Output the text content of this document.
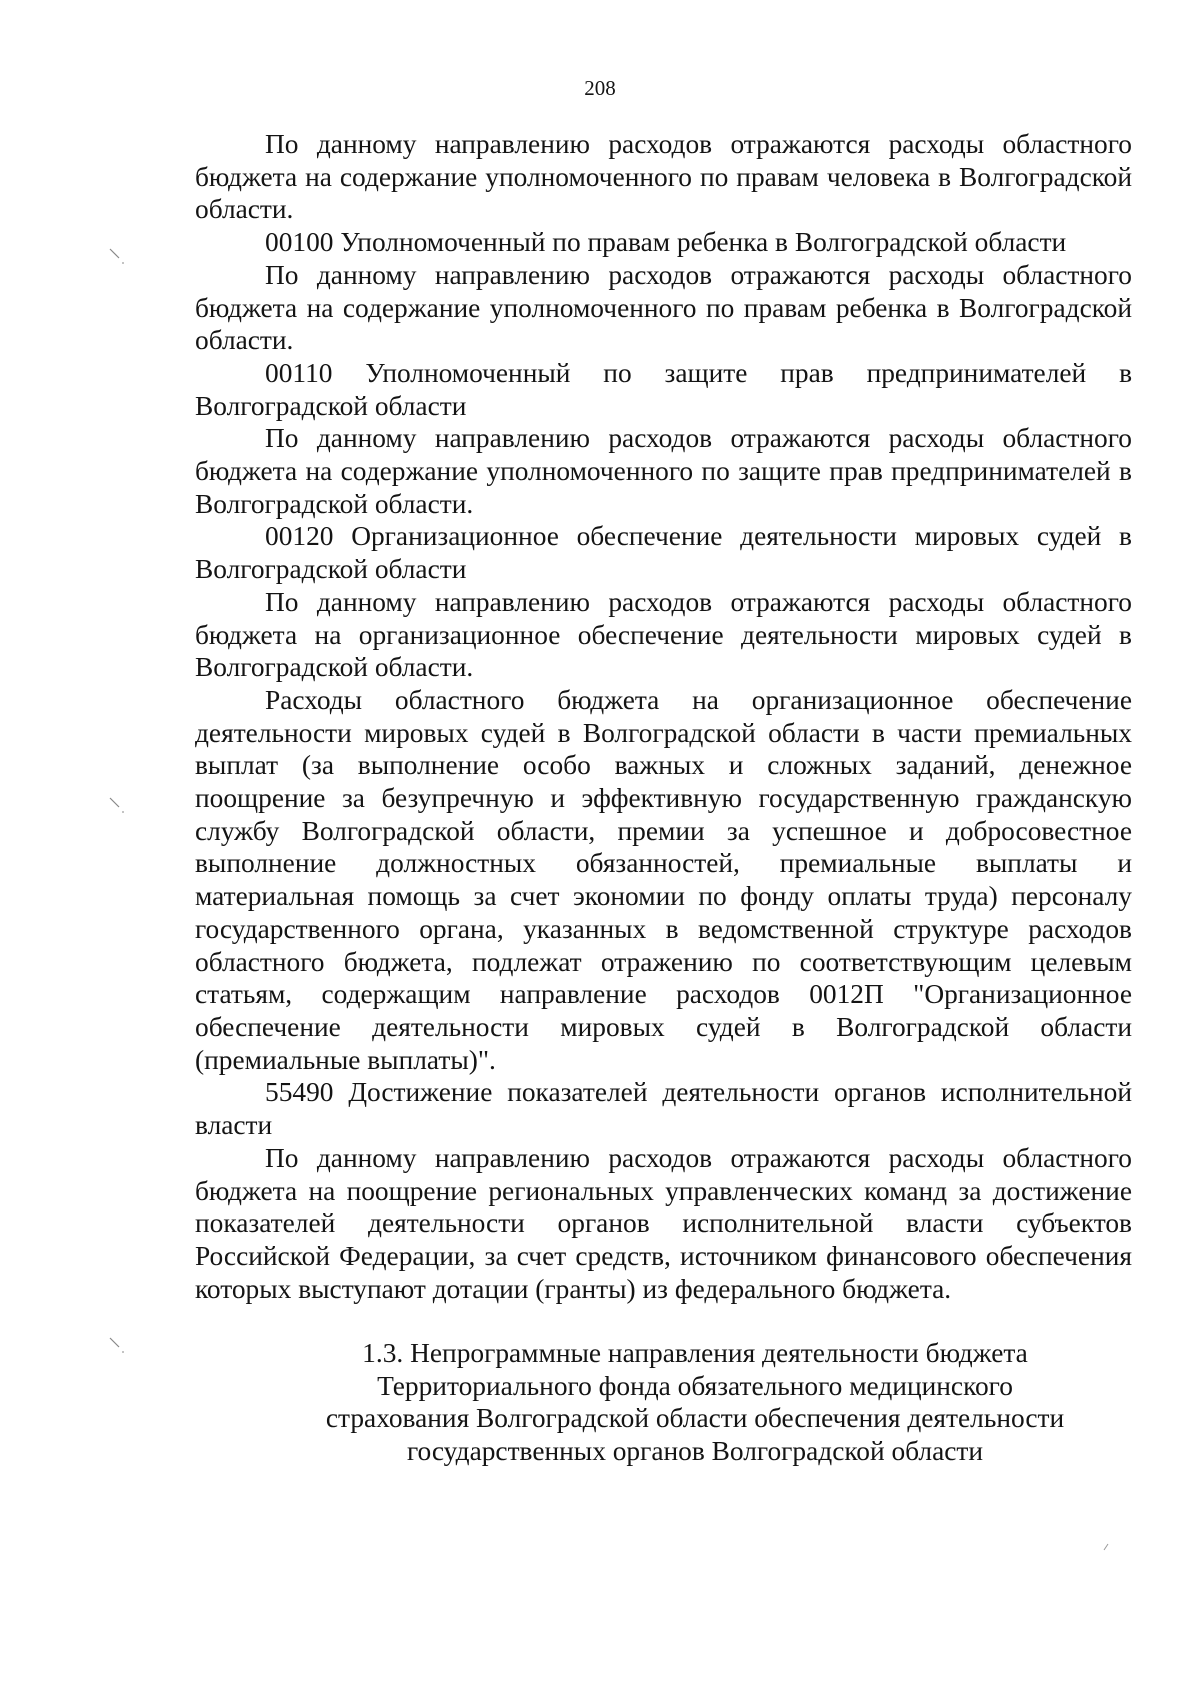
208

По данному направлению расходов отражаются расходы областного бюджета на содержание уполномоченного по правам человека в Волгоградской области.

00100 Уполномоченный по правам ребенка в Волгоградской области

По данному направлению расходов отражаются расходы областного бюджета на содержание уполномоченного по правам ребенка в Волгоградской области.

00110 Уполномоченный по защите прав предпринимателей в Волгоградской области

По данному направлению расходов отражаются расходы областного бюджета на содержание уполномоченного по защите прав предпринимателей в Волгоградской области.

00120 Организационное обеспечение деятельности мировых судей в Волгоградской области

По данному направлению расходов отражаются расходы областного бюджета на организационное обеспечение деятельности мировых судей в Волгоградской области.

Расходы областного бюджета на организационное обеспечение деятельности мировых судей в Волгоградской области в части премиальных выплат (за выполнение особо важных и сложных заданий, денежное поощрение за безупречную и эффективную государственную гражданскую службу Волгоградской области, премии за успешное и добросовестное выполнение должностных обязанностей, премиальные выплаты и материальная помощь за счет экономии по фонду оплаты труда) персоналу государственного органа, указанных в ведомственной структуре расходов областного бюджета, подлежат отражению по соответствующим целевым статьям, содержащим направление расходов 0012П "Организационное обеспечение деятельности мировых судей в Волгоградской области (премиальные выплаты)".

55490 Достижение показателей деятельности органов исполнительной власти

По данному направлению расходов отражаются расходы областного бюджета на поощрение региональных управленческих команд за достижение показателей деятельности органов исполнительной власти субъектов Российской Федерации, за счет средств, источником финансового обеспечения которых выступают дотации (гранты) из федерального бюджета.

1.3. Непрограммные направления деятельности бюджета
Территориального фонда обязательного медицинского
страхования Волгоградской области обеспечения деятельности
государственных органов Волгоградской области
